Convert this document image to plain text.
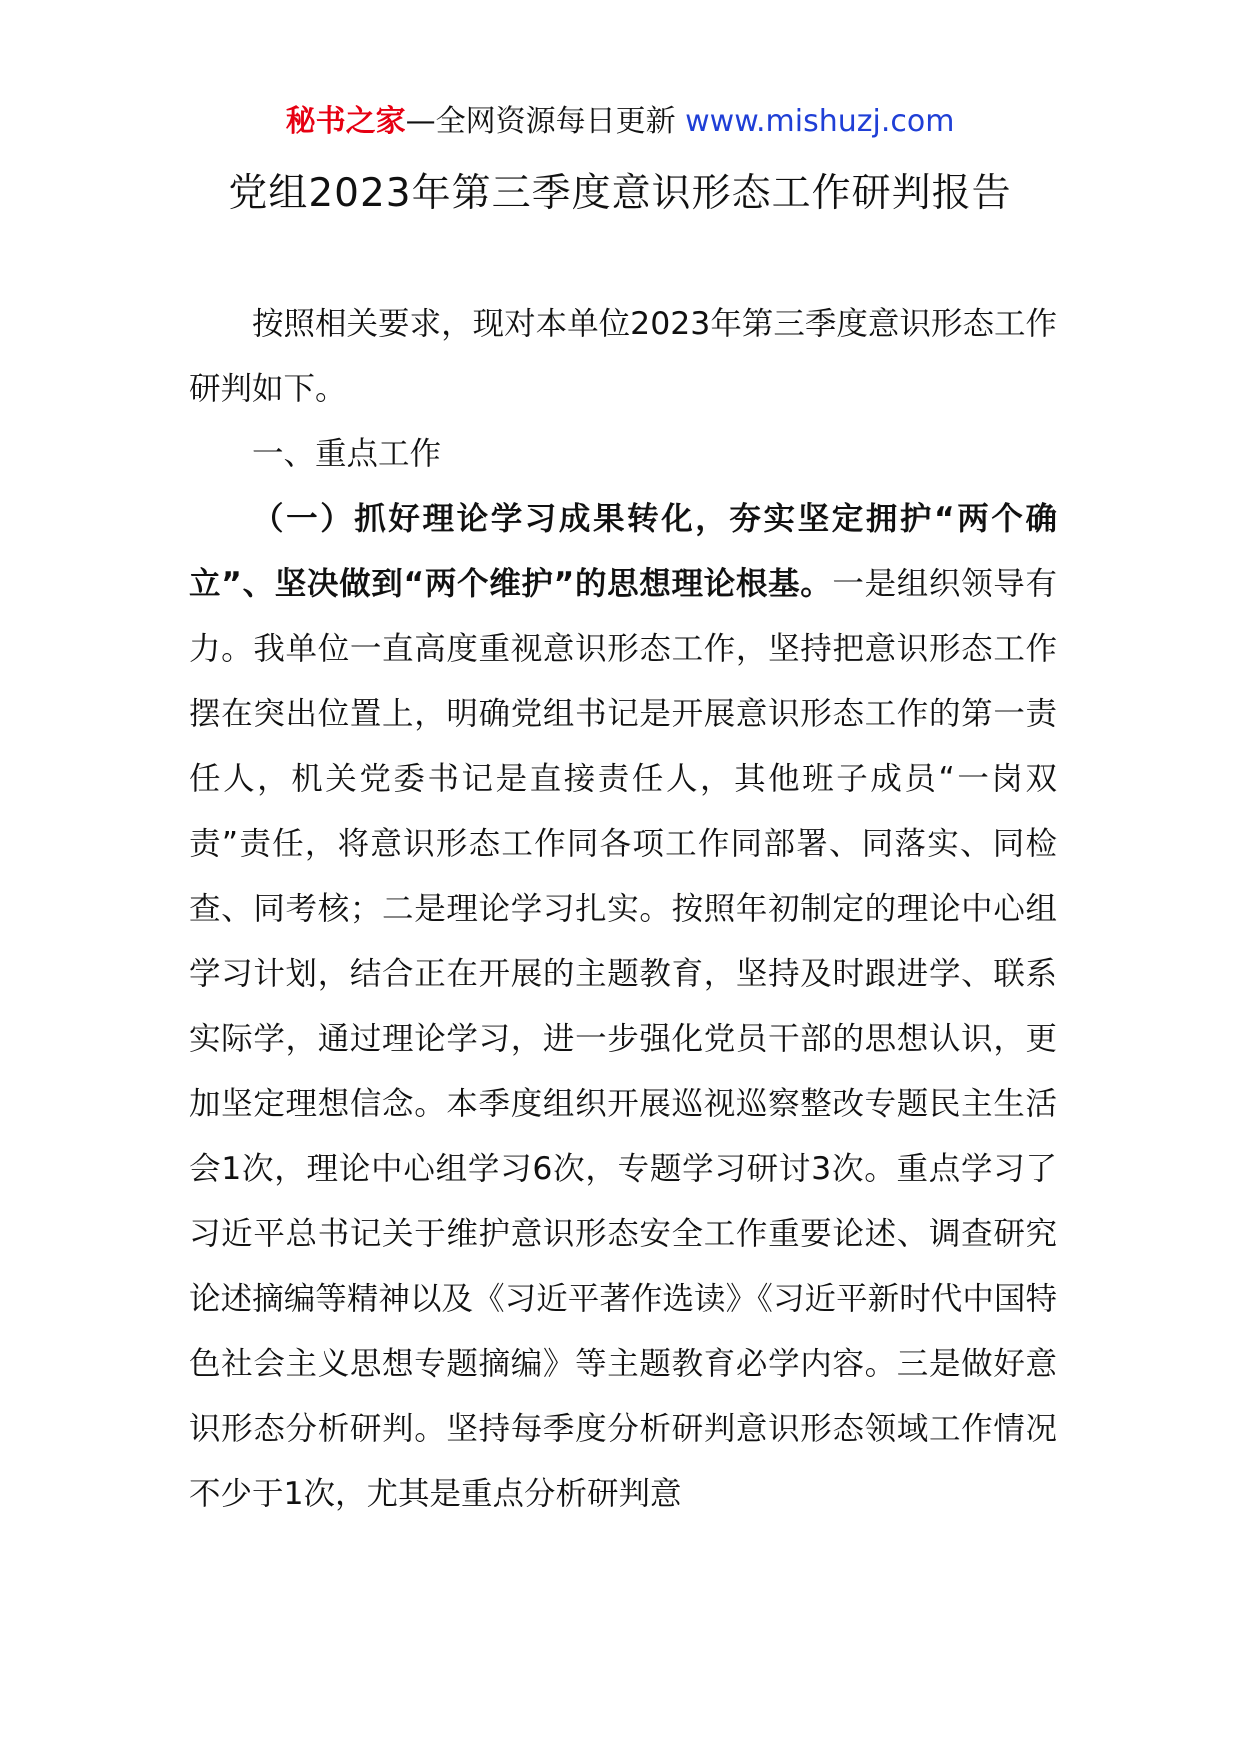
秘书之家—全网资源每日更新 www.mishuzj.com
党组2023年第三季度意识形态工作研判报告

按照相关要求，现对本单位2023年第三季度意识形态工作研判如下。

一、重点工作

（一）抓好理论学习成果转化，夯实坚定拥护“两个确立”、坚决做到“两个维护”的思想理论根基。一是组织领导有力。我单位一直高度重视意识形态工作，坚持把意识形态工作摆在突出位置上，明确党组书记是开展意识形态工作的第一责任人，机关党委书记是直接责任人，其他班子成员“一岗双责”责任，将意识形态工作同各项工作同部署、同落实、同检查、同考核；二是理论学习扎实。按照年初制定的理论中心组学习计划，结合正在开展的主题教育，坚持及时跟进学、联系实际学，通过理论学习，进一步强化党员干部的思想认识，更加坚定理想信念。本季度组织开展巡视巡察整改专题民主生活会1次，理论中心组学习6次，专题学习研讨3次。重点学习了习近平总书记关于维护意识形态安全工作重要论述、调查研究论述摘编等精神以及《习近平著作选读》《习近平新时代中国特色社会主义思想专题摘编》等主题教育必学内容。三是做好意识形态分析研判。坚持每季度分析研判意识形态领域工作情况不少于1次，尤其是重点分析研判意
